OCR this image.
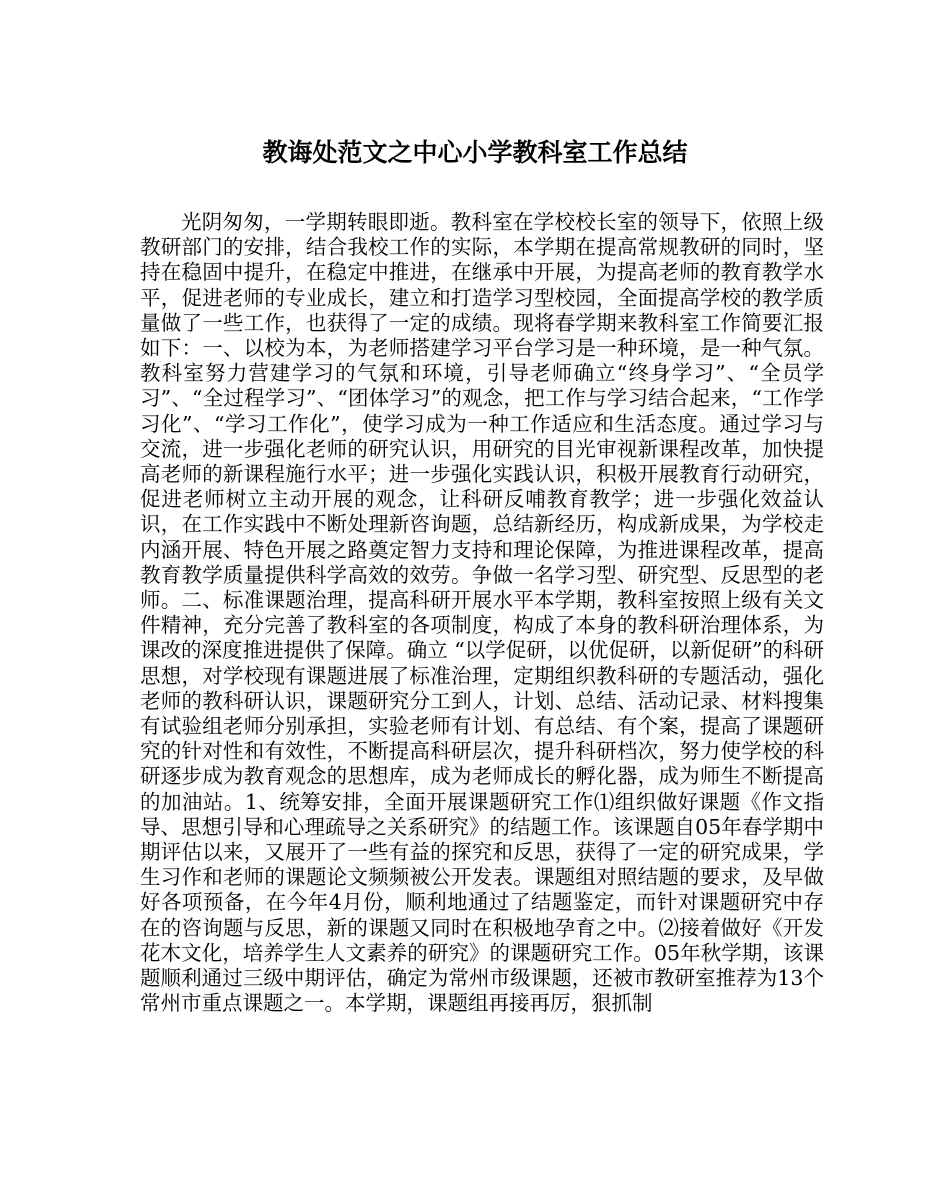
教诲处范文之中心小学教科室工作总结

光阴匆匆，一学期转眼即逝。教科室在学校校长室的领导下，依照上级教研部门的安排，结合我校工作的实际，本学期在提高常规教研的同时，坚持在稳固中提升，在稳定中推进，在继承中开展，为提高老师的教育教学水平，促进老师的专业成长，建立和打造学习型校园，全面提高学校的教学质量做了一些工作，也获得了一定的成绩。现将春学期来教科室工作简要汇报如下：一、以校为本，为老师搭建学习平台学习是一种环境，是一种气氛。教科室努力营建学习的气氛和环境，引导老师确立“终身学习”、“全员学习”、“全过程学习”、“团体学习”的观念，把工作与学习结合起来，“工作学习化”、“学习工作化”，使学习成为一种工作适应和生活态度。通过学习与交流，进一步强化老师的研究认识，用研究的目光审视新课程改革，加快提高老师的新课程施行水平；进一步强化实践认识，积极开展教育行动研究，促进老师树立主动开展的观念，让科研反哺教育教学；进一步强化效益认识，在工作实践中不断处理新咨询题，总结新经历，构成新成果，为学校走内涵开展、特色开展之路奠定智力支持和理论保障，为推进课程改革，提高教育教学质量提供科学高效的效劳。争做一名学习型、研究型、反思型的老师。二、标准课题治理，提高科研开展水平本学期，教科室按照上级有关文件精神，充分完善了教科室的各项制度，构成了本身的教科研治理体系，为课改的深度推进提供了保障。确立 “以学促研，以优促研，以新促研”的科研思想，对学校现有课题进展了标准治理，定期组织教科研的专题活动，强化老师的教科研认识，课题研究分工到人，计划、总结、活动记录、材料搜集有试验组老师分别承担，实验老师有计划、有总结、有个案，提高了课题研究的针对性和有效性，不断提高科研层次，提升科研档次，努力使学校的科研逐步成为教育观念的思想库，成为老师成长的孵化器，成为师生不断提高的加油站。1、统筹安排，全面开展课题研究工作⑴组织做好课题《作文指导、思想引导和心理疏导之关系研究》的结题工作。该课题自05年春学期中期评估以来，又展开了一些有益的探究和反思，获得了一定的研究成果，学生习作和老师的课题论文频频被公开发表。课题组对照结题的要求，及早做好各项预备，在今年4月份，顺利地通过了结题鉴定，而针对课题研究中存在的咨询题与反思，新的课题又同时在积极地孕育之中。⑵接着做好《开发花木文化，培养学生人文素养的研究》的课题研究工作。05年秋学期，该课题顺利通过三级中期评估，确定为常州市级课题，还被市教研室推荐为13个常州市重点课题之一。本学期，课题组再接再厉，狠抓制
